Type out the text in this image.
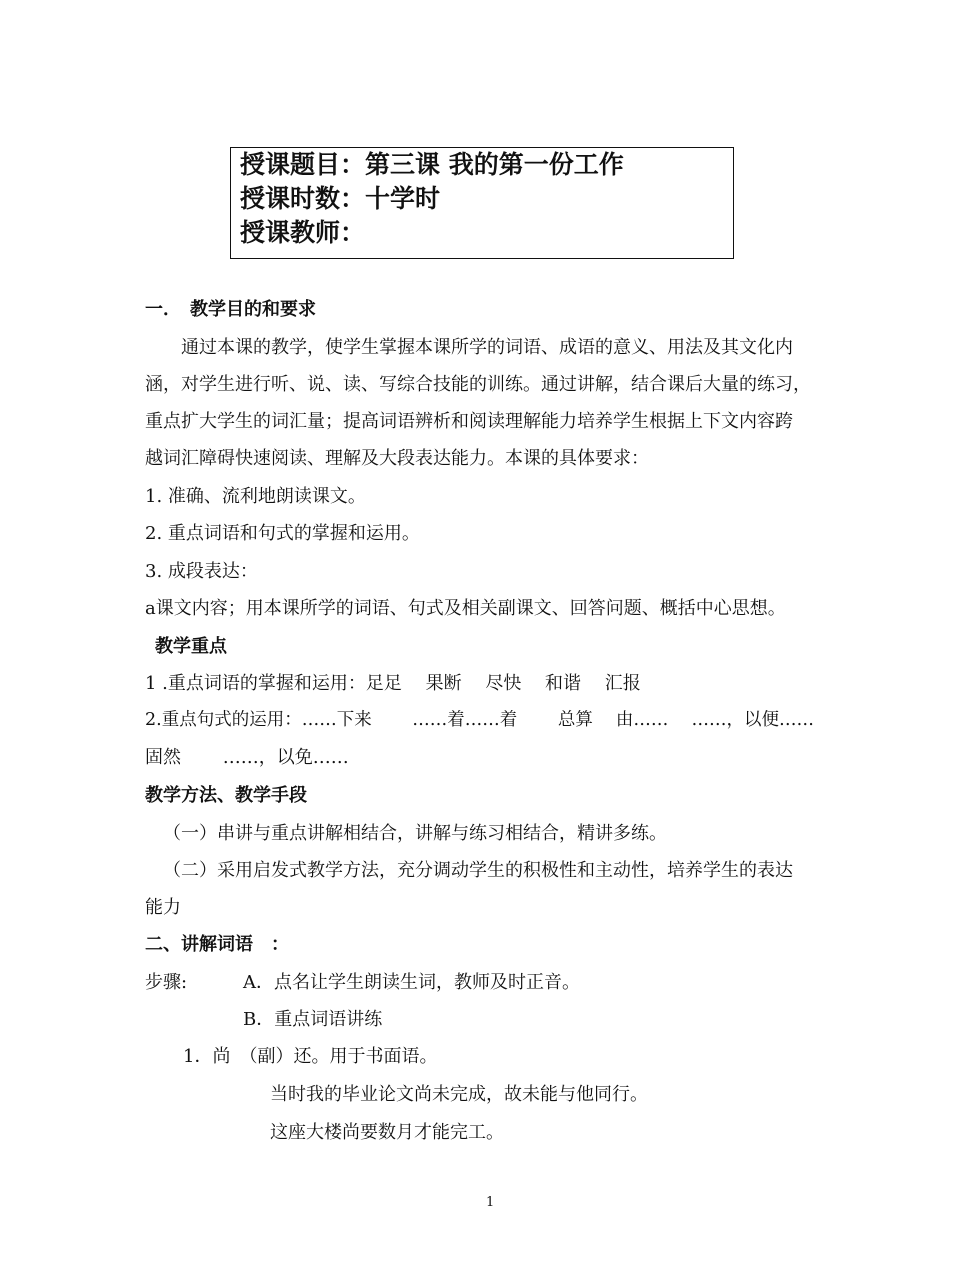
授课题目：第三课 我的第一份工作
授课时数：十学时
授课教师：
一．　教学目的和要求
通过本课的教学，使学生掌握本课所学的词语、成语的意义、用法及其文化内
涵，对学生进行听、说、读、写综合技能的训练。通过讲解，结合课后大量的练习，
重点扩大学生的词汇量；提高词语辨析和阅读理解能力培养学生根据上下文内容跨
越词汇障碍快速阅读、理解及大段表达能力。本课的具体要求：
1. 准确、流利地朗读课文。
2. 重点词语和句式的掌握和运用。
3. 成段表达：
a课文内容；用本课所学的词语、句式及相关副课文、回答问题、概括中心思想。
教学重点
1 .重点词语的掌握和运用：足足　 果断　 尽快　 和谐　 汇报
2.重点句式的运用：……下来　　 ……着……着　　 总算　 由……　 ……，以便……
固然　　 ……，以免……
教学方法、教学手段
（一）串讲与重点讲解相结合，讲解与练习相结合，精讲多练。
（二）采用启发式教学方法，充分调动学生的积极性和主动性，培养学生的表达
能力
二、讲解词语　：
步骤:	A．点名让学生朗读生词，教师及时正音。
B．重点词语讲练
1．尚　（副）还。用于书面语。
当时我的毕业论文尚未完成，故未能与他同行。
这座大楼尚要数月才能完工。
1
